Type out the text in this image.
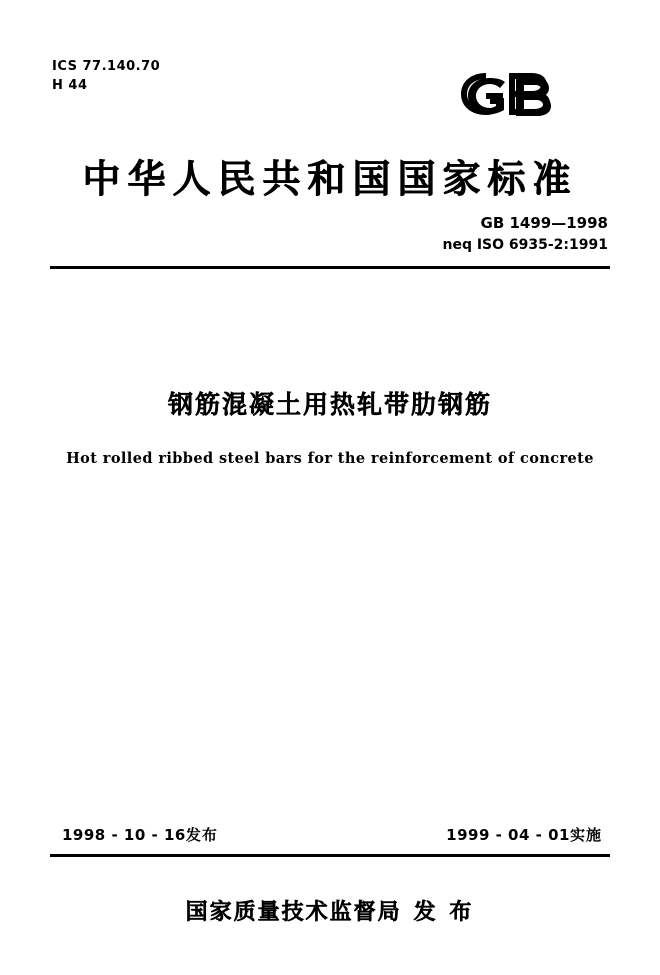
ICS 77.140.70
H 44
中华人民共和国国家标准
GB 1499—1998
neq ISO 6935-2:1991
钢筋混凝土用热轧带肋钢筋
Hot rolled ribbed steel bars for the reinforcement of concrete
1998 - 10 - 16发布	1999 - 04 - 01实施
国家质量技术监督局 发 布
